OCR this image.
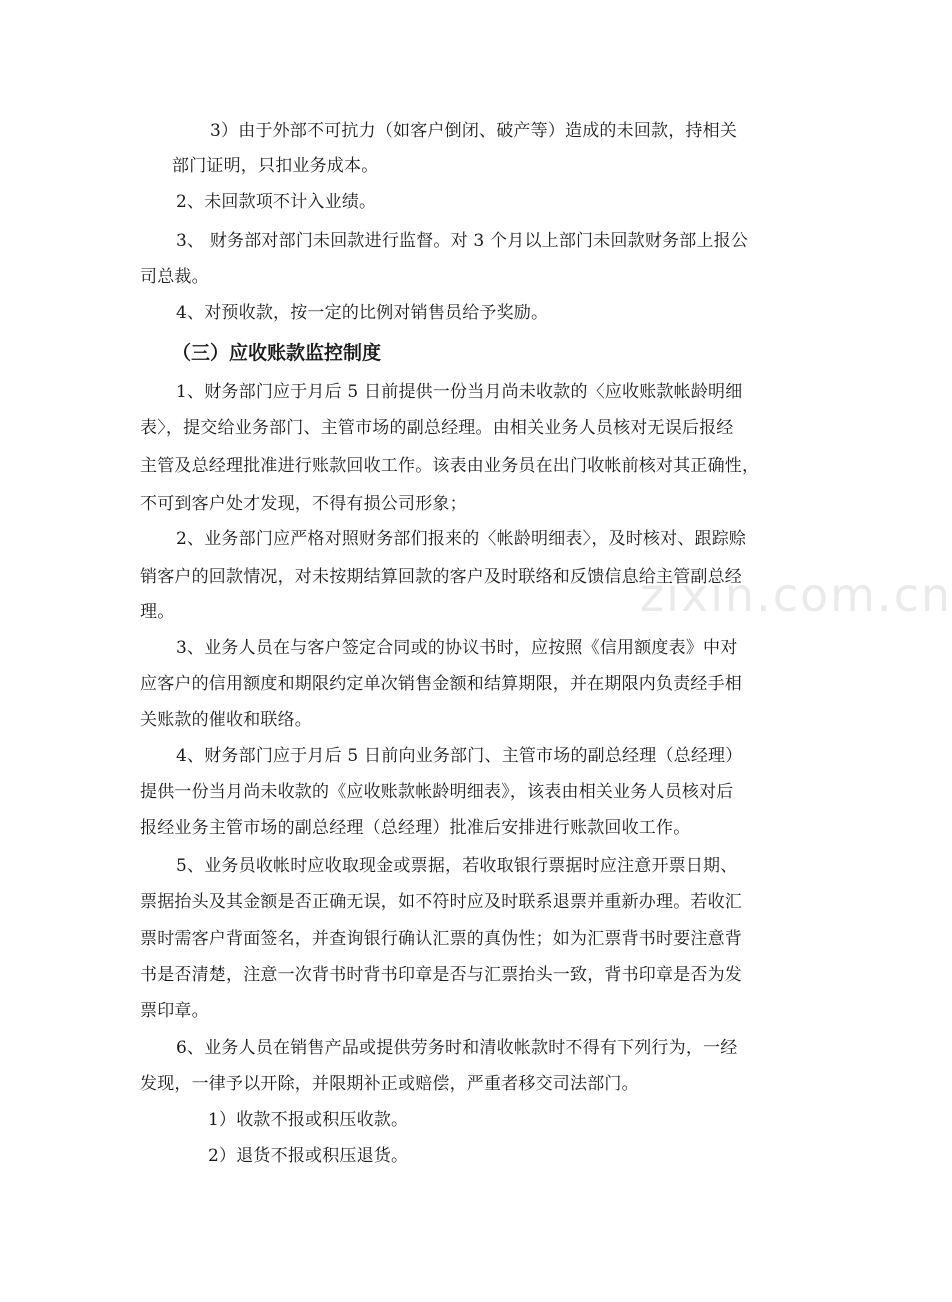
zixin.com.cn
3）由于外部不可抗力（如客户倒闭、破产等）造成的未回款，持相关
部门证明，只扣业务成本。
2、未回款项不计入业绩。
3、 财务部对部门未回款进行监督。对 3 个月以上部门未回款财务部上报公
司总裁。
4、对预收款，按一定的比例对销售员给予奖励。
（三）应收账款监控制度
1、财务部门应于月后 5 日前提供一份当月尚未收款的〈应收账款帐龄明细
表〉，提交给业务部门、主管市场的副总经理。由相关业务人员核对无误后报经
主管及总经理批准进行账款回收工作。该表由业务员在出门收帐前核对其正确性，
不可到客户处才发现，不得有损公司形象；
2、业务部门应严格对照财务部们报来的〈帐龄明细表〉，及时核对、跟踪赊
销客户的回款情况，对未按期结算回款的客户及时联络和反馈信息给主管副总经
理。
3、业务人员在与客户签定合同或的协议书时，应按照《信用额度表》中对
应客户的信用额度和期限约定单次销售金额和结算期限，并在期限内负责经手相
关账款的催收和联络。
4、财务部门应于月后 5 日前向业务部门、主管市场的副总经理（总经理）
提供一份当月尚未收款的《应收账款帐龄明细表》，该表由相关业务人员核对后
报经业务主管市场的副总经理（总经理）批准后安排进行账款回收工作。
5、业务员收帐时应收取现金或票据，若收取银行票据时应注意开票日期、
票据抬头及其金额是否正确无误，如不符时应及时联系退票并重新办理。若收汇
票时需客户背面签名，并查询银行确认汇票的真伪性；如为汇票背书时要注意背
书是否清楚，注意一次背书时背书印章是否与汇票抬头一致，背书印章是否为发
票印章。
6、业务人员在销售产品或提供劳务时和清收帐款时不得有下列行为，一经
发现，一律予以开除，并限期补正或赔偿，严重者移交司法部门。
1）收款不报或积压收款。
2）退货不报或积压退货。
